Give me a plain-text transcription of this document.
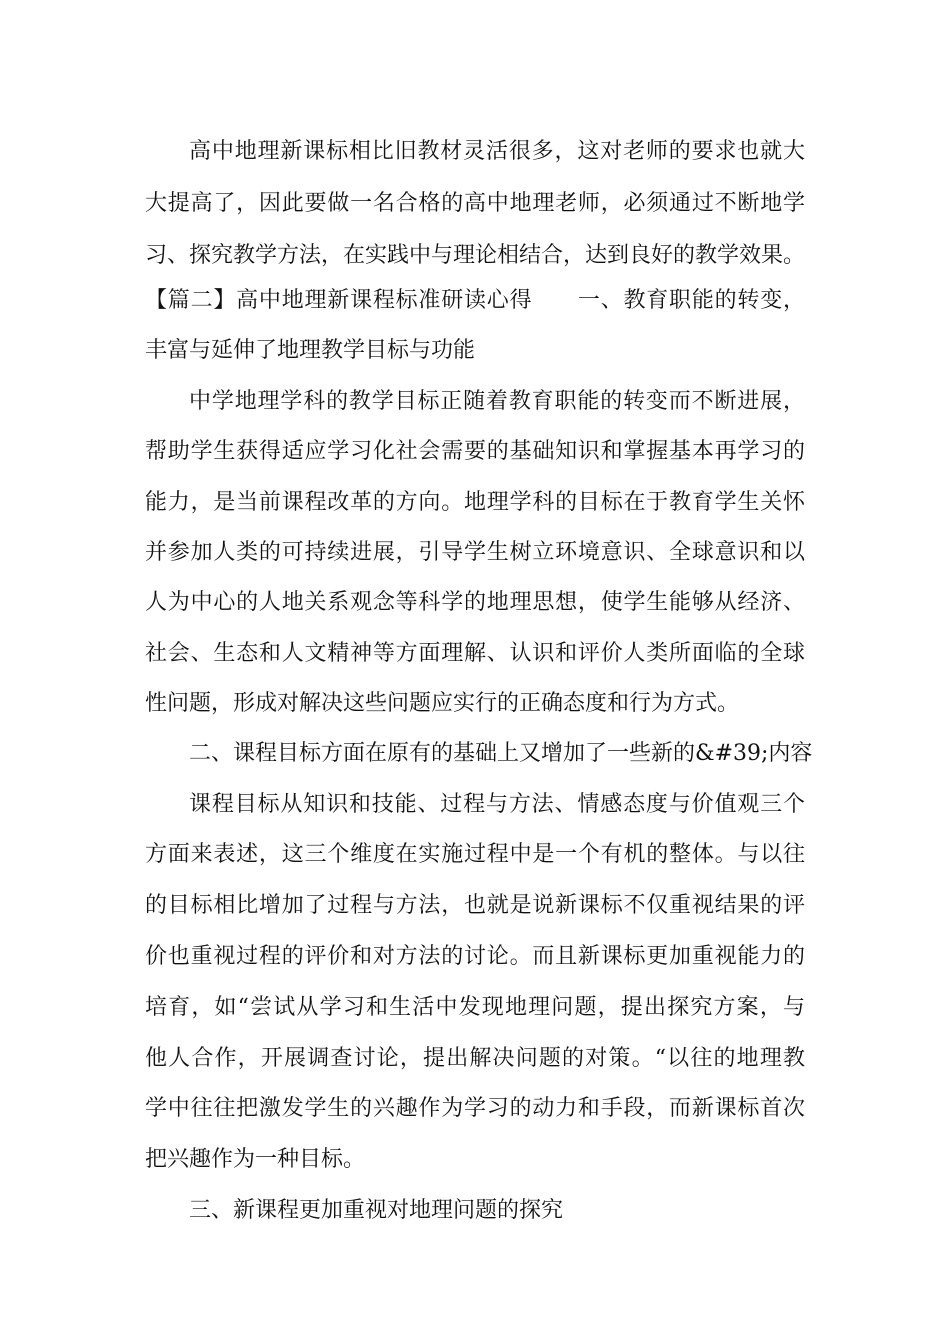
高中地理新课标相比旧教材灵活很多，这对老师的要求也就大
大提高了，因此要做一名合格的高中地理老师，必须通过不断地学
习、探究教学方法，在实践中与理论相结合，达到良好的教学效果。
【篇二】高中地理新课程标准研读心得　　一、教育职能的转变，
丰富与延伸了地理教学目标与功能
中学地理学科的教学目标正随着教育职能的转变而不断进展，
帮助学生获得适应学习化社会需要的基础知识和掌握基本再学习的
能力，是当前课程改革的方向。地理学科的目标在于教育学生关怀
并参加人类的可持续进展，引导学生树立环境意识、全球意识和以
人为中心的人地关系观念等科学的地理思想，使学生能够从经济、
社会、生态和人文精神等方面理解、认识和评价人类所面临的全球
性问题，形成对解决这些问题应实行的正确态度和行为方式。
二、课程目标方面在原有的基础上又增加了一些新的&#39;内容
课程目标从知识和技能、过程与方法、情感态度与价值观三个
方面来表述，这三个维度在实施过程中是一个有机的整体。与以往
的目标相比增加了过程与方法，也就是说新课标不仅重视结果的评
价也重视过程的评价和对方法的讨论。而且新课标更加重视能力的
培育，如“尝试从学习和生活中发现地理问题，提出探究方案，与
他人合作，开展调查讨论，提出解决问题的对策。“以往的地理教
学中往往把激发学生的兴趣作为学习的动力和手段，而新课标首次
把兴趣作为一种目标。
三、新课程更加重视对地理问题的探究
